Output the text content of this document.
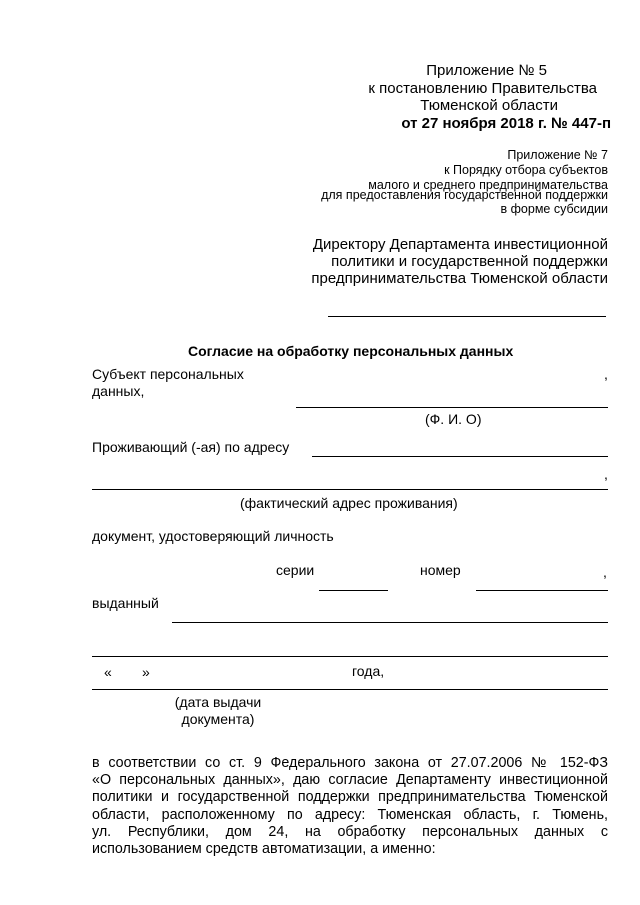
Приложение № 5
к постановлению Правительства
Тюменской области
от 27 ноября 2018 г. № 447-п
Приложение № 7
к Порядку отбора субъектов
малого и среднего предпринимательства
для предоставления государственной поддержки
в форме субсидии
Директору Департамента инвестиционной
политики и государственной поддержки
предпринимательства Тюменской области
Согласие на обработку персональных данных
Субъект персональных
данных,
,
(Ф. И. О)
Проживающий (-ая) по адресу
,
(фактический адрес проживания)
документ, удостоверяющий личность
серии	номер	,
выданный
« »	года,
(дата выдачи
документа)
в соответствии со ст. 9 Федерального закона от 27.07.2006 № 152-ФЗ
«О персональных данных», даю согласие Департаменту инвестиционной
политики и государственной поддержки предпринимательства Тюменской
области, расположенному по адресу: Тюменская область, г. Тюмень,
ул. Республики, дом 24, на обработку персональных данных с
использованием средств автоматизации, а именно:
